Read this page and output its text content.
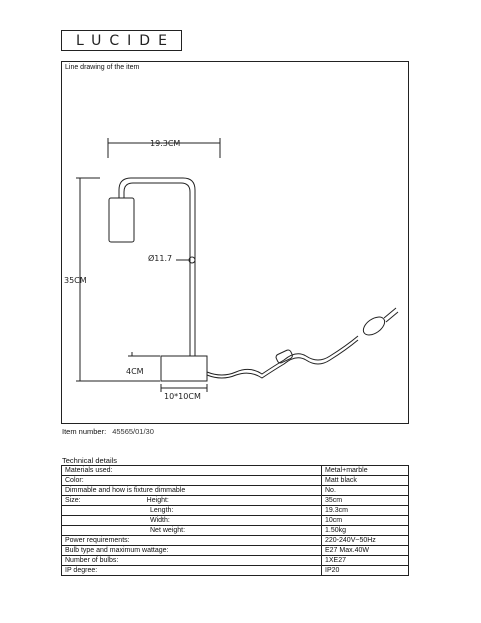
LUCIDE
Line drawing of the item
19.3CM
35CM
4CM
10*10CM
Ø11.7
Item number: 45565/01/30
Technical details
Materials used:	Metal+marble
Color:	Matt black
Dimmable and how is fixture dimmable	No.
Size:                                  Height:	35cm
Length:	19.3cm
Width:	10cm
Net weight:	1.50kg
Power requirements:	220-240V~50Hz
Bulb type and maximum wattage:	E27 Max.40W
Number of bulbs:	1XE27
IP degree:	IP20
